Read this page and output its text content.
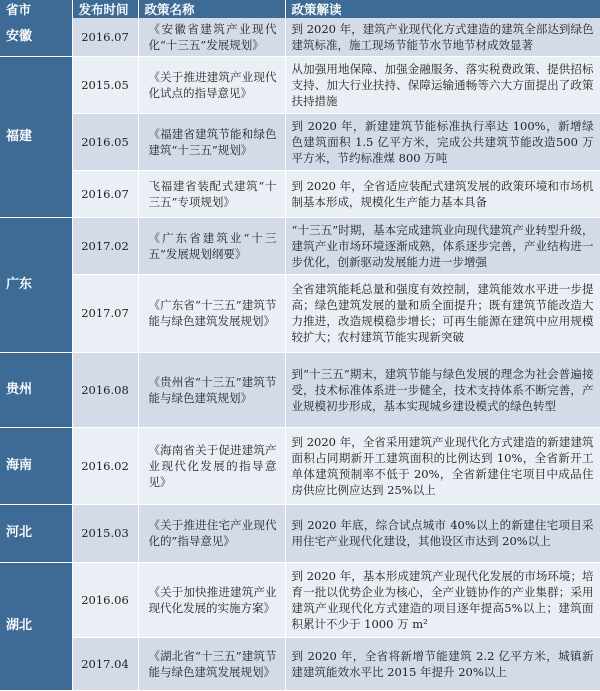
省市	发布时间	政策名称	政策解读
安徽	2016.07	《安徽省建筑产业现代化“十三五”发展规划》	到 2020 年，建筑产业现代化方式建造的建筑全部达到绿色建筑标准，施工现场节能节水节地节材成效显著
福建	2015.05	《关于推进建筑产业现代化试点的指导意见》	从加强用地保障、加强金融服务、落实税费政策、提供招标支持、加大行业扶持、保障运输通畅等六大方面提出了政策扶持措施
	2016.05	《福建省建筑节能和绿色建筑“十三五”规划》	到 2020 年，新建建筑节能标准执行率达 100%，新增绿色建筑面积 1.5 亿平方米，完成公共建筑节能改造500 万平方米，节约标准煤 800 万吨
	2016.07	飞福建省装配式建筑“十三五”专项规划》	到 2020 年，全省适应装配式建筑发展的政策环境和市场机制基本形成，规模化生产能力基本具备
广东	2017.02	《广东省建筑业“十三五”发展规划纲要》	“十三五”时期，基本完成建筑业向现代建筑产业转型升级，建筑产业市场环境逐渐成熟，体系逐步完善，产业结构进一步优化，创新驱动发展能力进一步增强
	2017.07	《广东省“十三五”建筑节能与绿色建筑发展规划》	全省建筑能耗总量和强度有效控制，建筑能效水平进一步提高；绿色建筑发展的量和质全面提升；既有建筑节能改造大力推进，改造规模稳步增长；可再生能源在建筑中应用规模较扩大；农村建筑节能实现新突破
贵州	2016.08	《贵州省“十三五”建筑节能与绿色建筑规划》	到“十三五”期末，建筑节能与绿色发展的理念为社会普遍接受，技术标准体系进一步健全，技术支持体系不断完善，产业规模初步形成，基本实现城乡建设模式的绿色转型
海南	2016.02	《海南省关于促进建筑产业现代化发展的指导意见》	到 2020 年，全省采用建筑产业现代化方式建造的新建建筑面积占同期新开工建筑面积的比例达到 10%，全省新开工单体建筑预制率不低于 20%，全省新建住宅项目中成品住房供应比例应达到 25%以上
河北	2015.03	《关于推进住宅产业现代化的”指导意见》	到 2020 年底，综合试点城市 40%以上的新建住宅项目采用住宅产业现代化建设，其他设区市达到 20%以上
湖北	2016.06	《关于加快推进建筑产业现代化发展的实施方案》	到 2020 年，基本形成建筑产业现代化发展的市场环境；培育一批以优势企业为核心，全产业链协作的产业集群；采用建筑产业现代化方式建造的项目逐年提高5%以上；建筑面积累计不少于 1000 万 m²
	2017.04	《湖北省“十三五”建筑节能与绿色建筑发展规划》	到 2020 年，全省将新增节能建筑 2.2 亿平方米，城镇新建建筑能效水平比 2015 年提升 20%以上
